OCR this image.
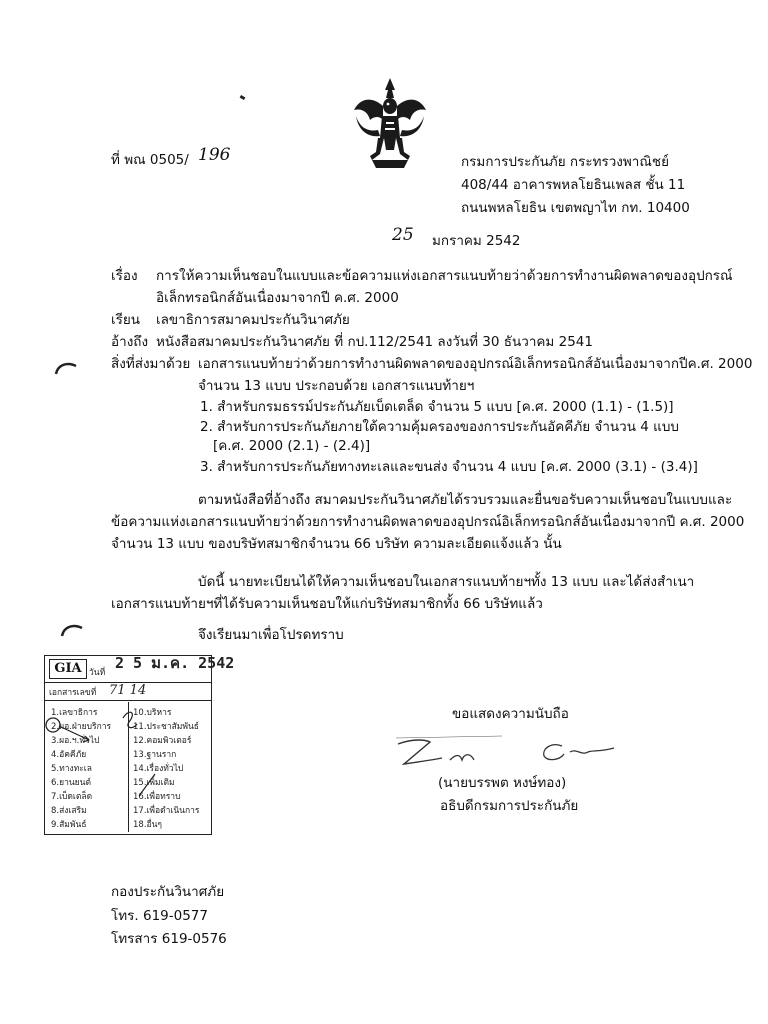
ที่ พณ 0505/ 196	กรมการประกันภัย กระทรวงพาณิชย์
408/44 อาคารพหลโยธินเพลส ชั้น 11
ถนนพหลโยธิน เขตพญาไท กท. 10400
25 มกราคม 2542
เรื่อง การให้ความเห็นชอบในแบบและข้อความแห่งเอกสารแนบท้ายว่าด้วยการทำงานผิดพลาดของอุปกรณ์
อิเล็กทรอนิกส์อันเนื่องมาจากปี ค.ศ. 2000
เรียน เลขาธิการสมาคมประกันวินาศภัย
อ้างถึง หนังสือสมาคมประกันวินาศภัย ที่ กป.112/2541 ลงวันที่ 30 ธันวาคม 2541
สิ่งที่ส่งมาด้วย เอกสารแนบท้ายว่าด้วยการทำงานผิดพลาดของอุปกรณ์อิเล็กทรอนิกส์อันเนื่องมาจากปีค.ศ. 2000
จำนวน 13 แบบ ประกอบด้วย เอกสารแนบท้ายฯ
1. สำหรับกรมธรรม์ประกันภัยเบ็ดเตล็ด จำนวน 5 แบบ [ค.ศ. 2000 (1.1) - (1.5)]
2. สำหรับการประกันภัยภายใต้ความคุ้มครองของการประกันอัคคีภัย จำนวน 4 แบบ
[ค.ศ. 2000 (2.1) - (2.4)]
3. สำหรับการประกันภัยทางทะเลและขนส่ง จำนวน 4 แบบ [ค.ศ. 2000 (3.1) - (3.4)]
ตามหนังสือที่อ้างถึง สมาคมประกันวินาศภัยได้รวบรวมและยื่นขอรับความเห็นชอบในแบบและ
ข้อความแห่งเอกสารแนบท้ายว่าด้วยการทำงานผิดพลาดของอุปกรณ์อิเล็กทรอนิกส์อันเนื่องมาจากปี ค.ศ. 2000
จำนวน 13 แบบ ของบริษัทสมาชิกจำนวน 66 บริษัท ความละเอียดแจ้งแล้ว นั้น
บัดนี้ นายทะเบียนได้ให้ความเห็นชอบในเอกสารแนบท้ายฯทั้ง 13 แบบ และได้ส่งสำเนา
เอกสารแนบท้ายฯที่ได้รับความเห็นชอบให้แก่บริษัทสมาชิกทั้ง 66 บริษัทแล้ว
จึงเรียนมาเพื่อโปรดทราบ
GIA วันที่
2 5 ม.ค. 2542
เอกสารเลขที่ 71 14
1.เลขาธิการ
2.ผอ.ฝ่ายบริการ
3.ผอ.ฯ.ทั่วไป
4.อัคคีภัย
5.ทางทะเล
6.ยานยนต์
7.เบ็ดเตล็ด
8.ส่งเสริม
9.สัมพันธ์
10.บริหาร
11.ประชาสัมพันธ์
12.คอมพิวเตอร์
13.ฐานราก
14.เรื่องทั่วไป
15.เพิ่มเติม
16.เพื่อทราบ
17.เพื่อดำเนินการ
18.อื่นๆ
ขอแสดงความนับถือ
(นายบรรพต หงษ์ทอง)
อธิบดีกรมการประกันภัย
กองประกันวินาศภัย
โทร. 619-0577
โทรสาร 619-0576
